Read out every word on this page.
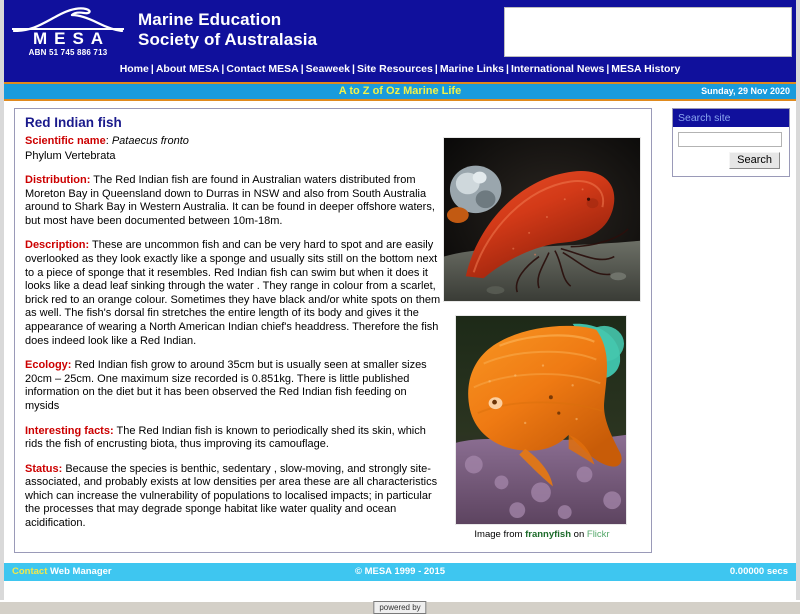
MESA
ABN 51 745 886 713
Marine Education
Society of Australasia
Home | About MESA | Contact MESA | Seaweek | Site Resources | Marine Links | International News | MESA History
A to Z of Oz Marine Life	Sunday, 29 Nov 2020
Red Indian fish
Scientific name: Pataecus fronto
Phylum Vertebrata

Distribution: The Red Indian fish are found in Australian waters distributed from Moreton Bay in Queensland down to Durras in NSW and also from South Australia around to Shark Bay in Western Australia. It can be found in deeper offshore waters, but most have been documented between 10m-18m.

Description: These are uncommon fish and can be very hard to spot and are easily overlooked as they look exactly like a sponge and usually sits still on the bottom next to a piece of sponge that it resembles. Red Indian fish can swim but when it does it looks like a dead leaf sinking through the water . They range in colour from a scarlet, brick red to an orange colour. Sometimes they have black and/or white spots on them as well. The fish's dorsal fin stretches the entire length of its body and gives it the appearance of wearing a North American Indian chief's headdress. Therefore the fish does indeed look like a Red Indian.

Ecology: Red Indian fish grow to around 35cm but is usually seen at smaller sizes 20cm – 25cm. One maximum size recorded is 0.851kg. There is little published information on the diet but it has been observed the Red Indian fish feeding on mysids

Interesting facts: The Red Indian fish is known to periodically shed its skin, which rids the fish of encrusting biota, thus improving its camouflage.

Status: Because the species is benthic, sedentary , slow-moving, and strongly site-associated, and probably exists at low densities per area these are all characteristics which can increase the vulnerability of populations to localised impacts; in particular the processes that may degrade sponge habitat like water quality and ocean acidification.

Image from frannyfish on Flickr
Search site
Search
Contact Web Manager	© MESA 1999 - 2015	0.00000 secs
powered by
